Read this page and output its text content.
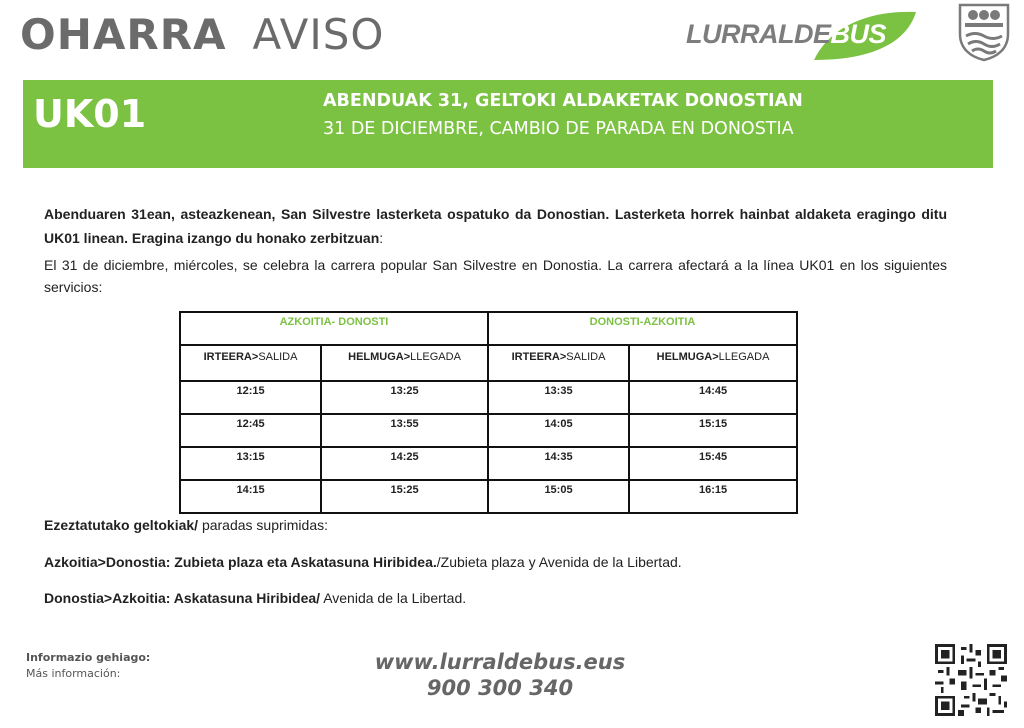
OHARRA AVISO	LURRALDEBUS
UK01	ABENDUAK 31, GELTOKI ALDAKETAK DONOSTIAN
31 DE DICIEMBRE, CAMBIO DE PARADA EN DONOSTIA
Abenduaren 31ean, asteazkenean, San Silvestre lasterketa ospatuko da Donostian. Lasterketa horrek hainbat aldaketa eragingo ditu UK01 linean. Eragina izango du honako zerbitzuan:
El 31 de diciembre, miércoles, se celebra la carrera popular San Silvestre en Donostia. La carrera afectará a la línea UK01 en los siguientes servicios:
AZKOITIA- DONOSTI		DONOSTI-AZKOITIA	
IRTEERA>SALIDA	HELMUGA>LLEGADA	IRTEERA>SALIDA	HELMUGA>LLEGADA
12:15	13:25	13:35	14:45
12:45	13:55	14:05	15:15
13:15	14:25	14:35	15:45
14:15	15:25	15:05	16:15
Ezeztatutako geltokiak/ paradas suprimidas:
Azkoitia>Donostia: Zubieta plaza eta Askatasuna Hiribidea./Zubieta plaza y Avenida de la Libertad.
Donostia>Azkoitia: Askatasuna Hiribidea/ Avenida de la Libertad.
Informazio gehiago:
Más información:	www.lurraldebus.eus
900 300 340
